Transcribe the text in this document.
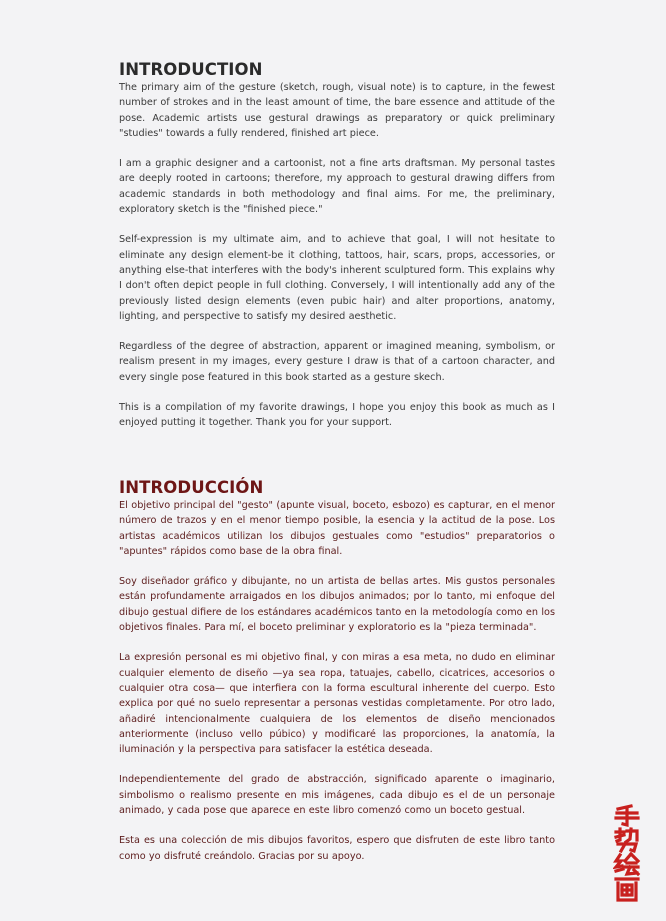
INTRODUCTION

The primary aim of the gesture (sketch, rough, visual note) is to capture, in the fewest number of strokes and in the least amount of time, the bare essence and attitude of the pose. Academic artists use gestural drawings as preparatory or quick preliminary "studies" towards a fully rendered, finished art piece.

I am a graphic designer and a cartoonist, not a fine arts draftsman. My personal tastes are deeply rooted in cartoons; therefore, my approach to gestural drawing differs from academic standards in both methodology and final aims. For me, the preliminary, exploratory sketch is the "finished piece."

Self-expression is my ultimate aim, and to achieve that goal, I will not hesitate to eliminate any design element-be it clothing, tattoos, hair, scars, props, accessories, or anything else-that interferes with the body's inherent sculptured form. This explains why I don't often depict people in full clothing. Conversely, I will intentionally add any of the previously listed design elements (even pubic hair) and alter proportions, anatomy, lighting, and perspective to satisfy my desired aesthetic.

Regardless of the degree of abstraction, apparent or imagined meaning, symbolism, or realism present in my images, every gesture I draw is that of a cartoon character, and every single pose featured in this book started as a gesture skech.

This is a compilation of my favorite drawings, I hope you enjoy this book as much as I enjoyed putting it together. Thank you for your support.

INTRODUCCIÓN

El objetivo principal del "gesto" (apunte visual, boceto, esbozo) es capturar, en el menor número de trazos y en el menor tiempo posible, la esencia y la actitud de la pose. Los artistas académicos utilizan los dibujos gestuales como "estudios" preparatorios o "apuntes" rápidos como base de la obra final.

Soy diseñador gráfico y dibujante, no un artista de bellas artes. Mis gustos personales están profundamente arraigados en los dibujos animados; por lo tanto, mi enfoque del dibujo gestual difiere de los estándares académicos tanto en la metodología como en los objetivos finales. Para mí, el boceto preliminar y exploratorio es la "pieza terminada".

La expresión personal es mi objetivo final, y con miras a esa meta, no dudo en eliminar cualquier elemento de diseño —ya sea ropa, tatuajes, cabello, cicatrices, accesorios o cualquier otra cosa— que interfiera con la forma escultural inherente del cuerpo. Esto explica por qué no suelo representar a personas vestidas completamente. Por otro lado, añadiré intencionalmente cualquiera de los elementos de diseño mencionados anteriormente (incluso vello púbico) y modificaré las proporciones, la anatomía, la iluminación y la perspectiva para satisfacer la estética deseada.

Independientemente del grado de abstracción, significado aparente o imaginario, simbolismo o realismo presente en mis imágenes, cada dibujo es el de un personaje animado, y cada pose que aparece en este libro comenzó como un boceto gestual.

Esta es una colección de mis dibujos favoritos, espero que disfruten de este libro tanto como yo disfruté creándolo. Gracias por su apoyo.
